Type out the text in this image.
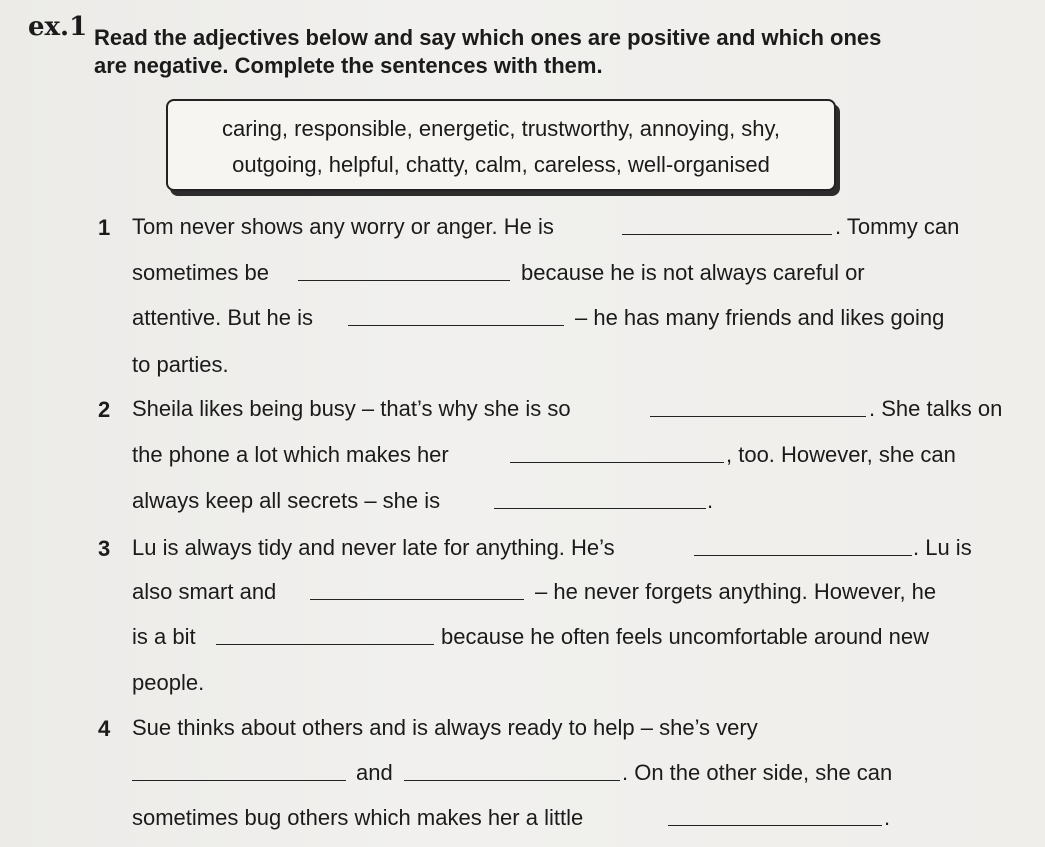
ex.1 Read the adjectives below and say which ones are positive and which ones
are negative. Complete the sentences with them.
caring, responsible, energetic, trustworthy, annoying, shy,
outgoing, helpful, chatty, calm, careless, well-organised
1 Tom never shows any worry or anger. He is	. Tommy can
sometimes be	because he is not always careful or
attentive. But he is	– he has many friends and likes going
to parties.
2 Sheila likes being busy – that’s why she is so	. She talks on
the phone a lot which makes her	, too. However, she can
always keep all secrets – she is	.
3 Lu is always tidy and never late for anything. He’s	. Lu is
also smart and	– he never forgets anything. However, he
is a bit	because he often feels uncomfortable around new
people.
4 Sue thinks about others and is always ready to help – she’s very
and	. On the other side, she can
sometimes bug others which makes her a little	.
